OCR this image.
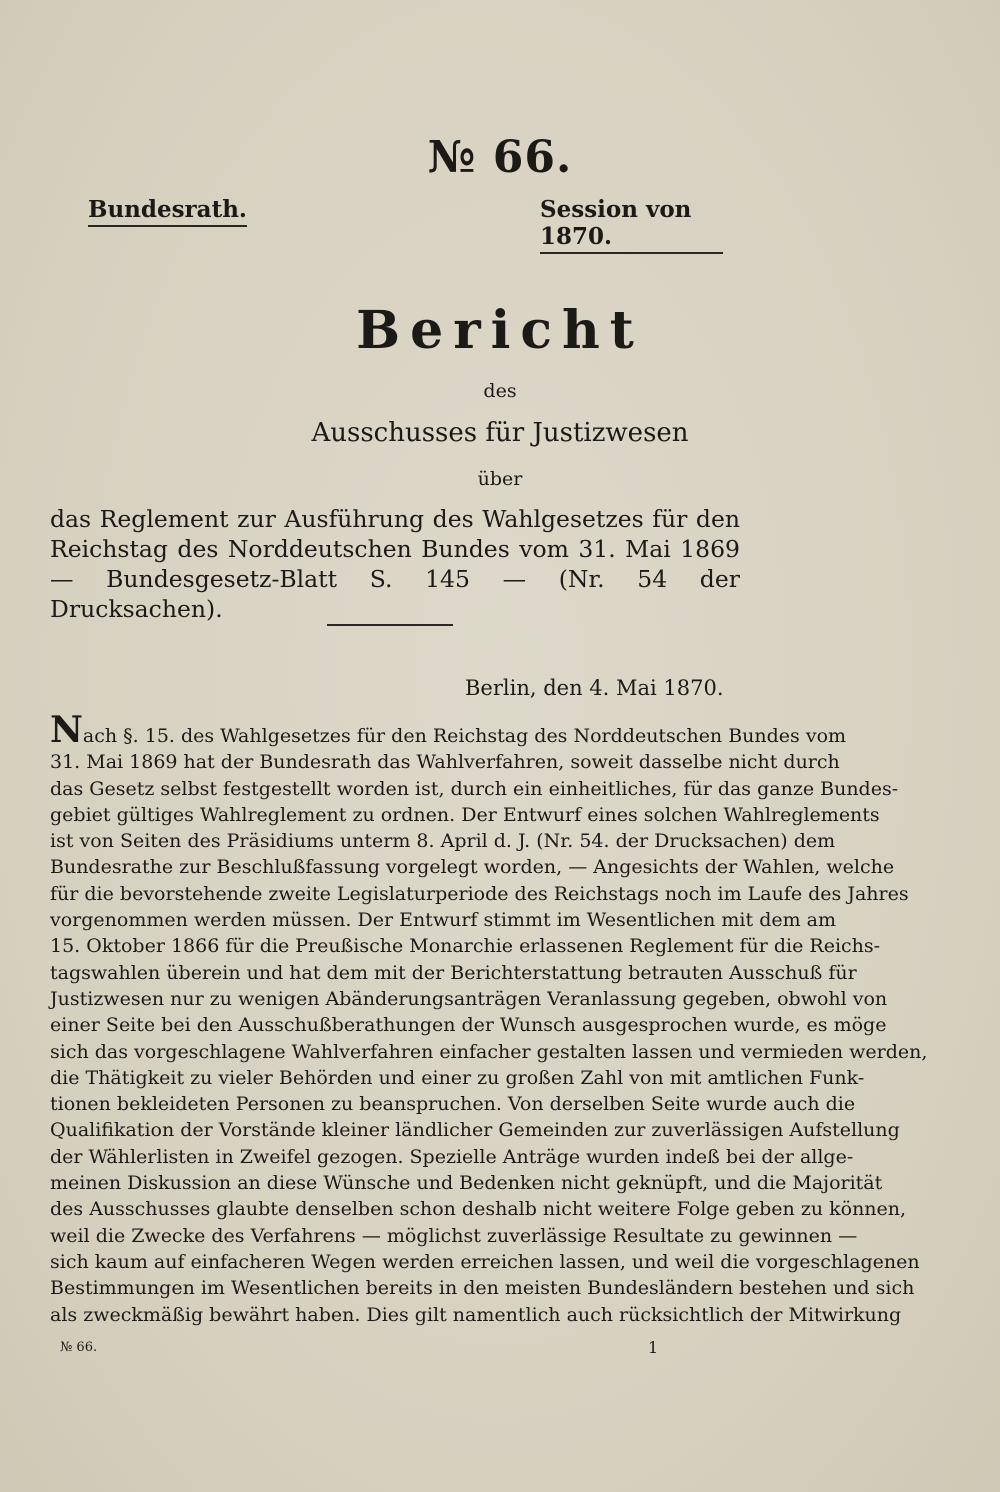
№ 66.
Bundesrath.	Session von 1870.
Bericht
des
Ausschusses für Justizwesen
über
das Reglement zur Ausführung des Wahlgesetzes für den Reichstag des Norddeutschen Bundes vom 31. Mai 1869 — Bundesgesetz-Blatt S. 145 — (Nr. 54 der Drucksachen).
Berlin, den 4. Mai 1870.
Nach §. 15. des Wahlgesetzes für den Reichstag des Norddeutschen Bundes vom
31. Mai 1869 hat der Bundesrath das Wahlverfahren, soweit dasselbe nicht durch
das Gesetz selbst festgestellt worden ist, durch ein einheitliches, für das ganze Bundes-
gebiet gültiges Wahlreglement zu ordnen. Der Entwurf eines solchen Wahlreglements
ist von Seiten des Präsidiums unterm 8. April d. J. (Nr. 54. der Drucksachen) dem
Bundesrathe zur Beschlußfassung vorgelegt worden, — Angesichts der Wahlen, welche
für die bevorstehende zweite Legislaturperiode des Reichstags noch im Laufe des Jahres
vorgenommen werden müssen. Der Entwurf stimmt im Wesentlichen mit dem am
15. Oktober 1866 für die Preußische Monarchie erlassenen Reglement für die Reichs-
tagswahlen überein und hat dem mit der Berichterstattung betrauten Ausschuß für
Justizwesen nur zu wenigen Abänderungsanträgen Veranlassung gegeben, obwohl von
einer Seite bei den Ausschußberathungen der Wunsch ausgesprochen wurde, es möge
sich das vorgeschlagene Wahlverfahren einfacher gestalten lassen und vermieden werden,
die Thätigkeit zu vieler Behörden und einer zu großen Zahl von mit amtlichen Funk-
tionen bekleideten Personen zu beanspruchen. Von derselben Seite wurde auch die
Qualifikation der Vorstände kleiner ländlicher Gemeinden zur zuverlässigen Aufstellung
der Wählerlisten in Zweifel gezogen. Spezielle Anträge wurden indeß bei der allge-
meinen Diskussion an diese Wünsche und Bedenken nicht geknüpft, und die Majorität
des Ausschusses glaubte denselben schon deshalb nicht weitere Folge geben zu können,
weil die Zwecke des Verfahrens — möglichst zuverlässige Resultate zu gewinnen —
sich kaum auf einfacheren Wegen werden erreichen lassen, und weil die vorgeschlagenen
Bestimmungen im Wesentlichen bereits in den meisten Bundesländern bestehen und sich
als zweckmäßig bewährt haben. Dies gilt namentlich auch rücksichtlich der Mitwirkung
№ 66.	1
